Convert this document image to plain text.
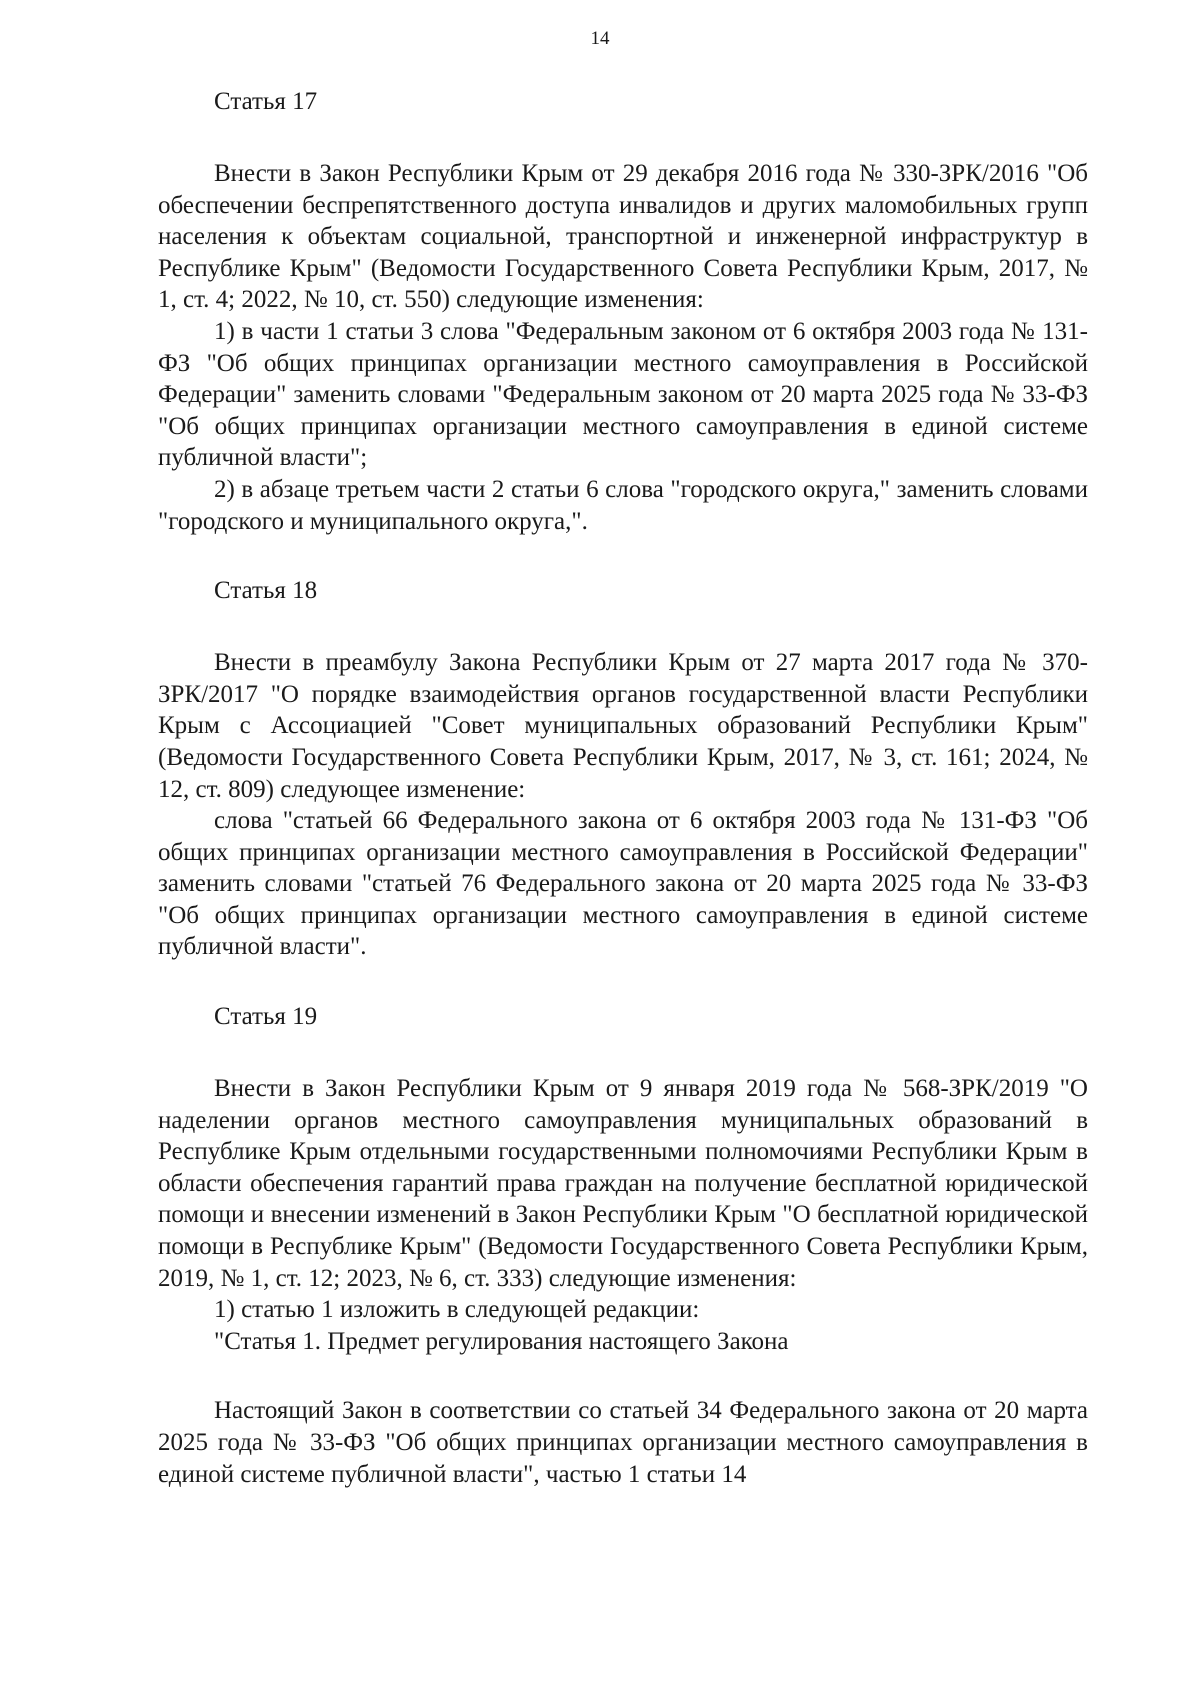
14
Статья 17

Внести в Закон Республики Крым от 29 декабря 2016 года № 330-ЗРК/2016 "Об обеспечении беспрепятственного доступа инвалидов и других маломобильных групп населения к объектам социальной, транспортной и инженерной инфраструктур в Республике Крым" (Ведомости Государственного Совета Республики Крым, 2017, № 1, ст. 4; 2022, № 10, ст. 550) следующие изменения:

1) в части 1 статьи 3 слова "Федеральным законом от 6 октября 2003 года № 131-ФЗ "Об общих принципах организации местного самоуправления в Российской Федерации" заменить словами "Федеральным законом от 20 марта 2025 года № 33-ФЗ "Об общих принципах организации местного самоуправления в единой системе публичной власти";

2) в абзаце третьем части 2 статьи 6 слова "городского округа," заменить словами "городского и муниципального округа,".

Статья 18

Внести в преамбулу Закона Республики Крым от 27 марта 2017 года № 370-ЗРК/2017 "О порядке взаимодействия органов государственной власти Республики Крым с Ассоциацией "Совет муниципальных образований Республики Крым" (Ведомости Государственного Совета Республики Крым, 2017, № 3, ст. 161; 2024, № 12, ст. 809) следующее изменение:

слова "статьей 66 Федерального закона от 6 октября 2003 года № 131-ФЗ "Об общих принципах организации местного самоуправления в Российской Федерации" заменить словами "статьей 76 Федерального закона от 20 марта 2025 года № 33-ФЗ "Об общих принципах организации местного самоуправления в единой системе публичной власти".

Статья 19

Внести в Закон Республики Крым от 9 января 2019 года № 568-ЗРК/2019 "О наделении органов местного самоуправления муниципальных образований в Республике Крым отдельными государственными полномочиями Республики Крым в области обеспечения гарантий права граждан на получение бесплатной юридической помощи и внесении изменений в Закон Республики Крым "О бесплатной юридической помощи в Республике Крым" (Ведомости Государственного Совета Республики Крым, 2019, № 1, ст. 12; 2023, № 6, ст. 333) следующие изменения:

1) статью 1 изложить в следующей редакции:

"Статья 1. Предмет регулирования настоящего Закона

Настоящий Закон в соответствии со статьей 34 Федерального закона от 20 марта 2025 года № 33-ФЗ "Об общих принципах организации местного самоуправления в единой системе публичной власти", частью 1 статьи 14
